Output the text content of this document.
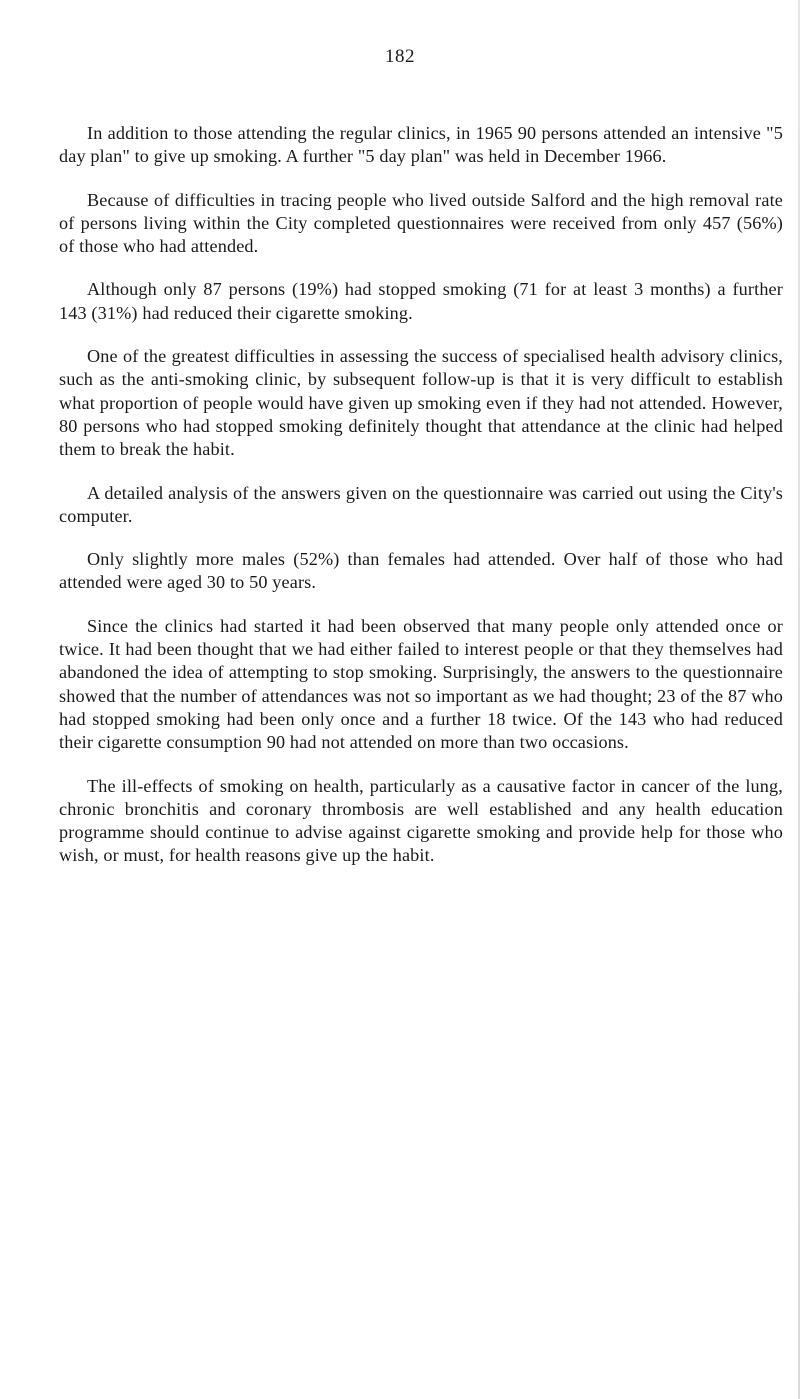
182

In addition to those attending the regular clinics, in 1965 90 persons attended an intensive "5 day plan" to give up smoking. A further "5 day plan" was held in December 1966.

Because of difficulties in tracing people who lived outside Salford and the high removal rate of persons living within the City completed questionnaires were received from only 457 (56%) of those who had attended.

Although only 87 persons (19%) had stopped smoking (71 for at least 3 months) a further 143 (31%) had reduced their cigarette smoking.

One of the greatest difficulties in assessing the success of specialised health advisory clinics, such as the anti-smoking clinic, by subsequent follow-up is that it is very difficult to establish what proportion of people would have given up smoking even if they had not attended. However, 80 persons who had stopped smoking definitely thought that attendance at the clinic had helped them to break the habit.

A detailed analysis of the answers given on the questionnaire was carried out using the City's computer.

Only slightly more males (52%) than females had attended. Over half of those who had attended were aged 30 to 50 years.

Since the clinics had started it had been observed that many people only attended once or twice. It had been thought that we had either failed to interest people or that they themselves had abandoned the idea of attempting to stop smoking. Surprisingly, the answers to the questionnaire showed that the number of attendances was not so important as we had thought; 23 of the 87 who had stopped smoking had been only once and a further 18 twice. Of the 143 who had reduced their cigarette consumption 90 had not attended on more than two occasions.

The ill-effects of smoking on health, particularly as a causative factor in cancer of the lung, chronic bronchitis and coronary thrombosis are well established and any health education programme should continue to advise against cigarette smoking and provide help for those who wish, or must, for health reasons give up the habit.
